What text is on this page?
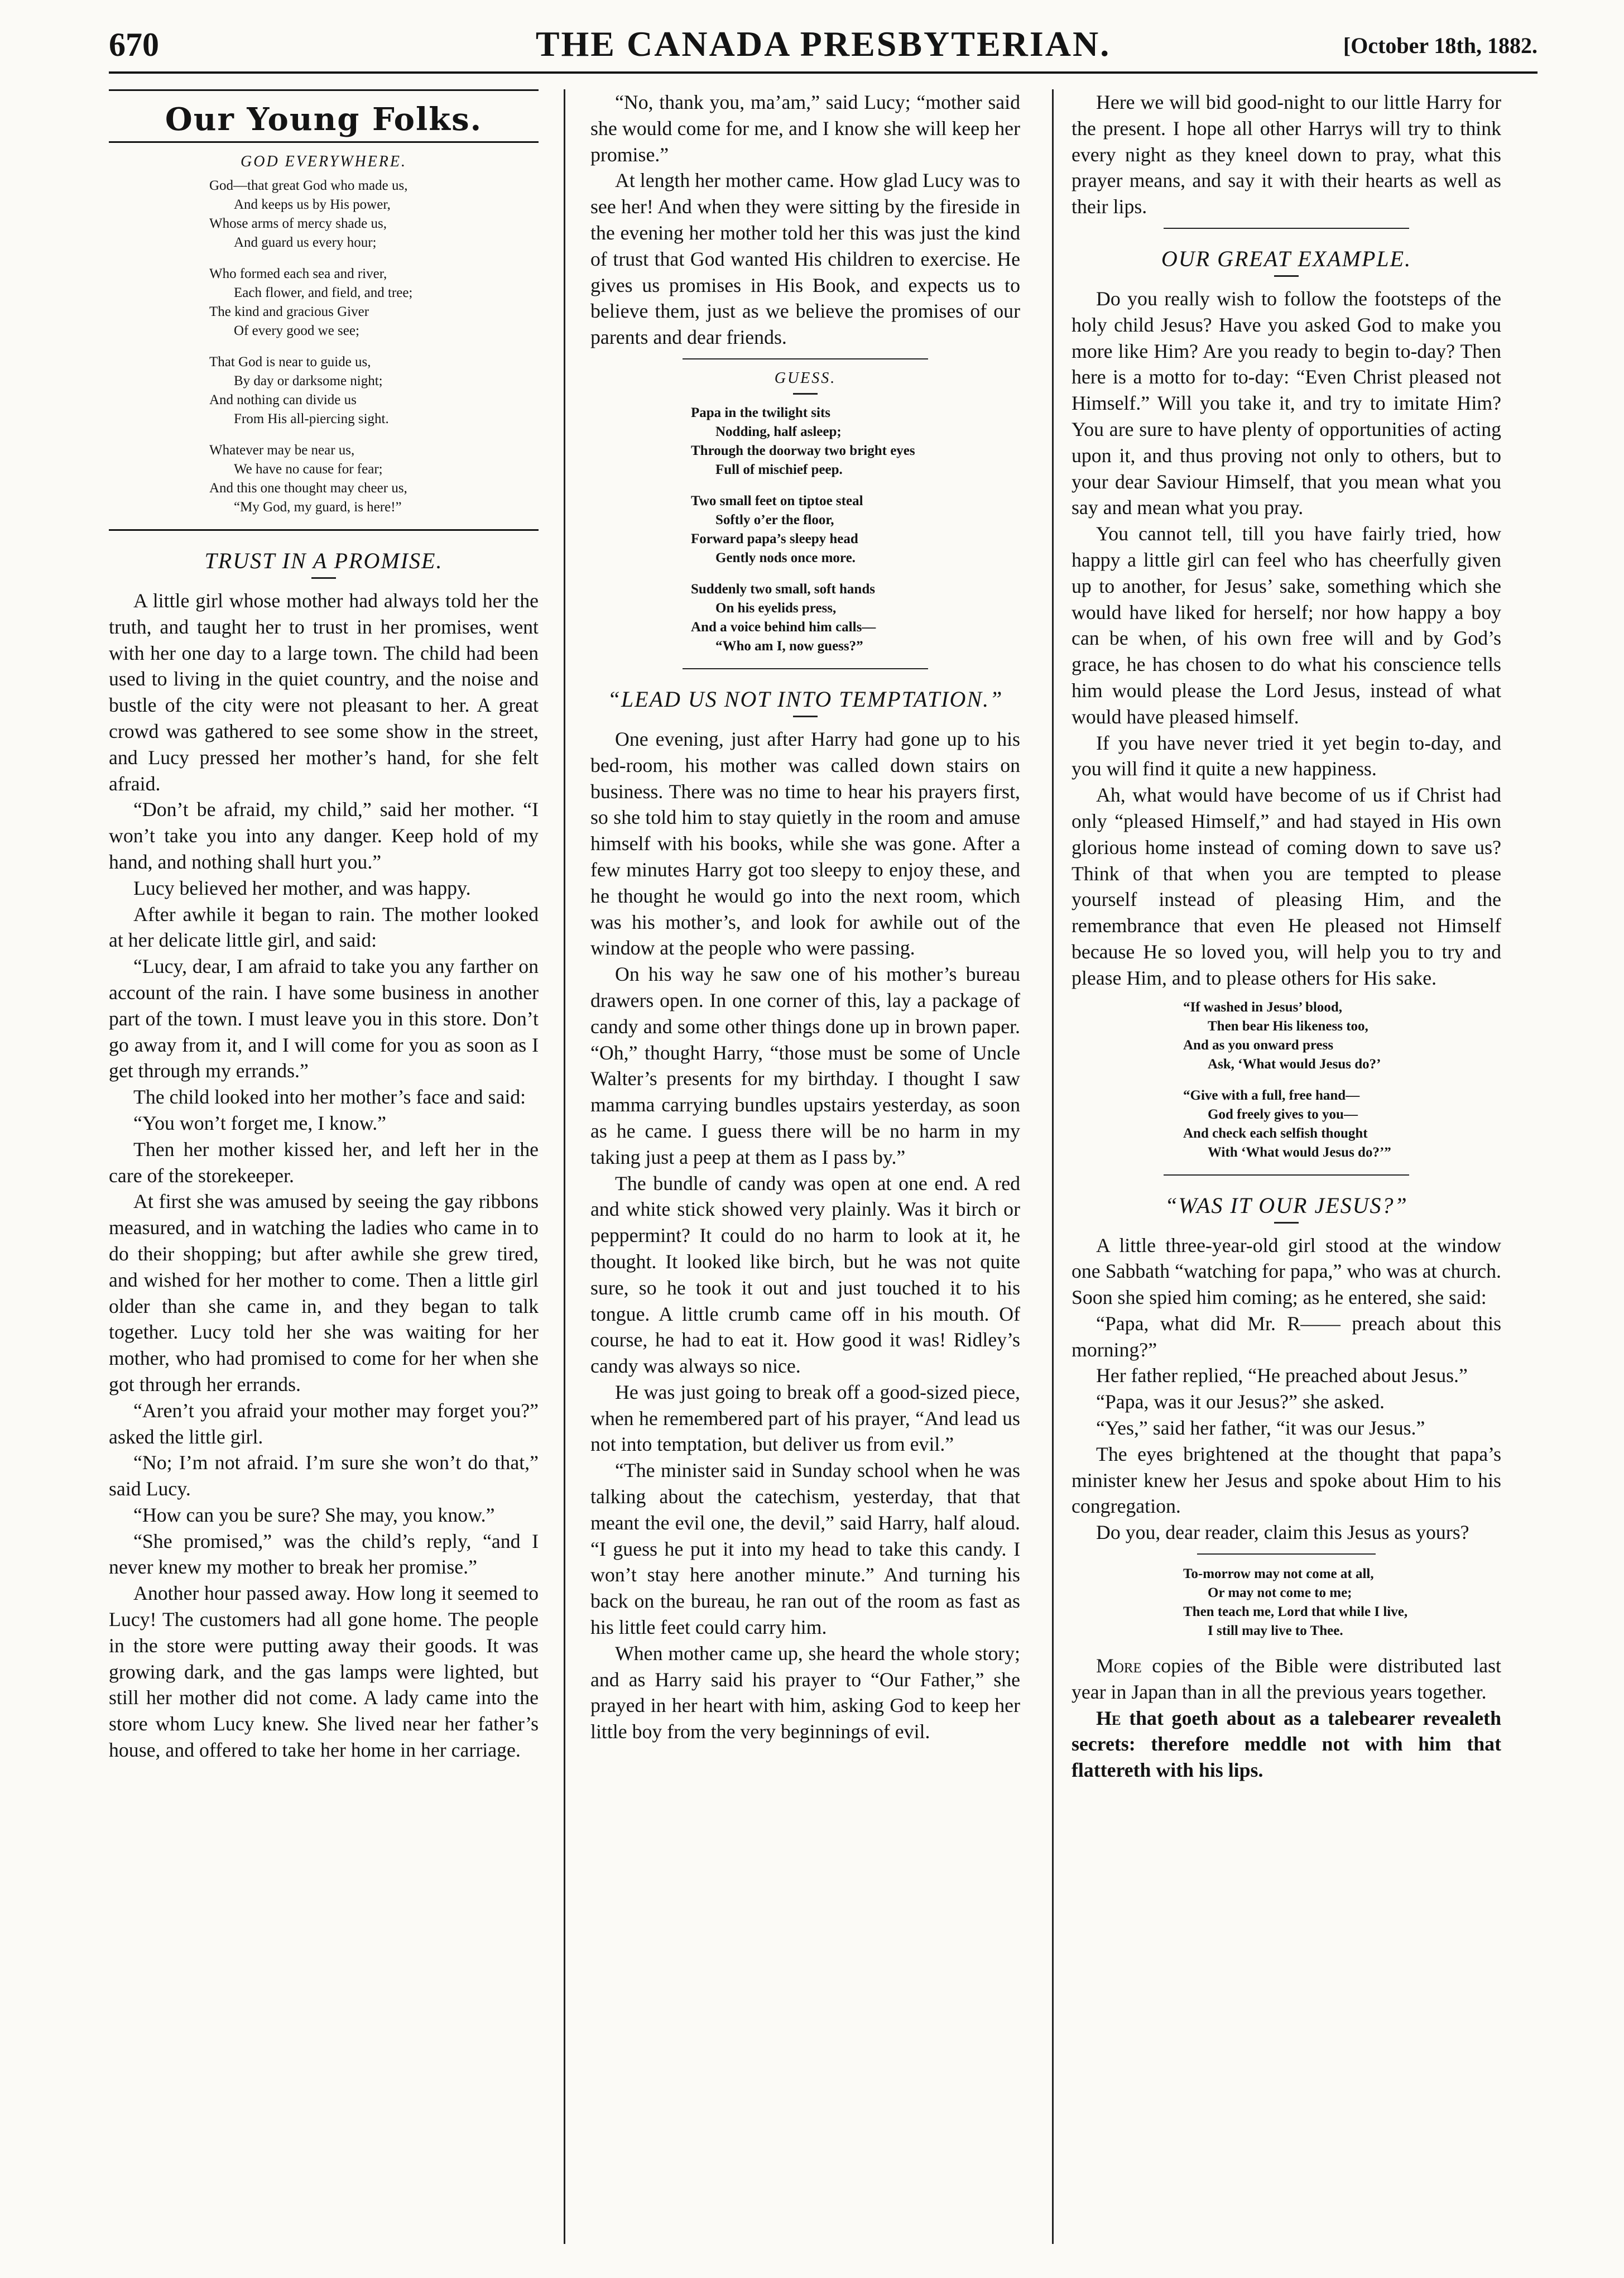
670	THE CANADA PRESBYTERIAN.	[October 18th, 1882.
Our Young Folks.
GOD EVERYWHERE.
God—that great God who made us,
And keeps us by His power,
Whose arms of mercy shade us,
And guard us every hour;
Who formed each sea and river,
Each flower, and field, and tree;
The kind and gracious Giver
Of every good we see;
That God is near to guide us,
By day or darksome night;
And nothing can divide us
From His all-piercing sight.
Whatever may be near us,
We have no cause for fear;
And this one thought may cheer us,
“My God, my guard, is here!”
TRUST IN A PROMISE.

A little girl whose mother had always told her the truth, and taught her to trust in her promises, went with her one day to a large town. The child had been used to living in the quiet country, and the noise and bustle of the city were not pleasant to her. A great crowd was gathered to see some show in the street, and Lucy pressed her mother’s hand, for she felt afraid.

“Don’t be afraid, my child,” said her mother. “I won’t take you into any danger. Keep hold of my hand, and nothing shall hurt you.”

Lucy believed her mother, and was happy.

After awhile it began to rain. The mother looked at her delicate little girl, and said:

“Lucy, dear, I am afraid to take you any farther on account of the rain. I have some business in another part of the town. I must leave you in this store. Don’t go away from it, and I will come for you as soon as I get through my errands.”

The child looked into her mother’s face and said:

“You won’t forget me, I know.”

Then her mother kissed her, and left her in the care of the storekeeper.

At first she was amused by seeing the gay ribbons measured, and in watching the ladies who came in to do their shopping; but after awhile she grew tired, and wished for her mother to come. Then a little girl older than she came in, and they began to talk together. Lucy told her she was waiting for her mother, who had promised to come for her when she got through her errands.

“Aren’t you afraid your mother may forget you?” asked the little girl.

“No; I’m not afraid. I’m sure she won’t do that,” said Lucy.

“How can you be sure? She may, you know.”

“She promised,” was the child’s reply, “and I never knew my mother to break her promise.”

Another hour passed away. How long it seemed to Lucy! The customers had all gone home. The people in the store were putting away their goods. It was growing dark, and the gas lamps were lighted, but still her mother did not come. A lady came into the store whom Lucy knew. She lived near her father’s house, and offered to take her home in her carriage.

“No, thank you, ma’am,” said Lucy; “mother said she would come for me, and I know she will keep her promise.”

At length her mother came. How glad Lucy was to see her! And when they were sitting by the fireside in the evening her mother told her this was just the kind of trust that God wanted His children to exercise. He gives us promises in His Book, and expects us to believe them, just as we believe the promises of our parents and dear friends.

GUESS.
Papa in the twilight sits
Nodding, half asleep;
Through the doorway two bright eyes
Full of mischief peep.
Two small feet on tiptoe steal
Softly o’er the floor,
Forward papa’s sleepy head
Gently nods once more.
Suddenly two small, soft hands
On his eyelids press,
And a voice behind him calls—
“Who am I, now guess?”
“LEAD US NOT INTO TEMPTATION.”

One evening, just after Harry had gone up to his bed-room, his mother was called down stairs on business. There was no time to hear his prayers first, so she told him to stay quietly in the room and amuse himself with his books, while she was gone. After a few minutes Harry got too sleepy to enjoy these, and he thought he would go into the next room, which was his mother’s, and look for awhile out of the window at the people who were passing.

On his way he saw one of his mother’s bureau drawers open. In one corner of this, lay a package of candy and some other things done up in brown paper. “Oh,” thought Harry, “those must be some of Uncle Walter’s presents for my birthday. I thought I saw mamma carrying bundles upstairs yesterday, as soon as he came. I guess there will be no harm in my taking just a peep at them as I pass by.”

The bundle of candy was open at one end. A red and white stick showed very plainly. Was it birch or peppermint? It could do no harm to look at it, he thought. It looked like birch, but he was not quite sure, so he took it out and just touched it to his tongue. A little crumb came off in his mouth. Of course, he had to eat it. How good it was! Ridley’s candy was always so nice.

He was just going to break off a good-sized piece, when he remembered part of his prayer, “And lead us not into temptation, but deliver us from evil.”

“The minister said in Sunday school when he was talking about the catechism, yesterday, that that meant the evil one, the devil,” said Harry, half aloud. “I guess he put it into my head to take this candy. I won’t stay here another minute.” And turning his back on the bureau, he ran out of the room as fast as his little feet could carry him.

When mother came up, she heard the whole story; and as Harry said his prayer to “Our Father,” she prayed in her heart with him, asking God to keep her little boy from the very beginnings of evil.

Here we will bid good-night to our little Harry for the present. I hope all other Harrys will try to think every night as they kneel down to pray, what this prayer means, and say it with their hearts as well as their lips.

OUR GREAT EXAMPLE.

Do you really wish to follow the footsteps of the holy child Jesus? Have you asked God to make you more like Him? Are you ready to begin to-day? Then here is a motto for to-day: “Even Christ pleased not Himself.” Will you take it, and try to imitate Him? You are sure to have plenty of opportunities of acting upon it, and thus proving not only to others, but to your dear Saviour Himself, that you mean what you say and mean what you pray.

You cannot tell, till you have fairly tried, how happy a little girl can feel who has cheerfully given up to another, for Jesus’ sake, something which she would have liked for herself; nor how happy a boy can be when, of his own free will and by God’s grace, he has chosen to do what his conscience tells him would please the Lord Jesus, instead of what would have pleased himself.

If you have never tried it yet begin to-day, and you will find it quite a new happiness.

Ah, what would have become of us if Christ had only “pleased Himself,” and had stayed in His own glorious home instead of coming down to save us? Think of that when you are tempted to please yourself instead of pleasing Him, and the remembrance that even He pleased not Himself because He so loved you, will help you to try and please Him, and to please others for His sake.

“If washed in Jesus’ blood,
Then bear His likeness too,
And as you onward press
Ask, ‘What would Jesus do?’
“Give with a full, free hand—
God freely gives to you—
And check each selfish thought
With ‘What would Jesus do?’”
“WAS IT OUR JESUS?”

A little three-year-old girl stood at the window one Sabbath “watching for papa,” who was at church. Soon she spied him coming; as he entered, she said:

“Papa, what did Mr. R—— preach about this morning?”

Her father replied, “He preached about Jesus.”

“Papa, was it our Jesus?” she asked.

“Yes,” said her father, “it was our Jesus.”

The eyes brightened at the thought that papa’s minister knew her Jesus and spoke about Him to his congregation.

Do you, dear reader, claim this Jesus as yours?

To-morrow may not come at all,
Or may not come to me;
Then teach me, Lord that while I live,
I still may live to Thee.

More copies of the Bible were distributed last year in Japan than in all the previous years together.

He that goeth about as a talebearer revealeth secrets: therefore meddle not with him that flattereth with his lips.
